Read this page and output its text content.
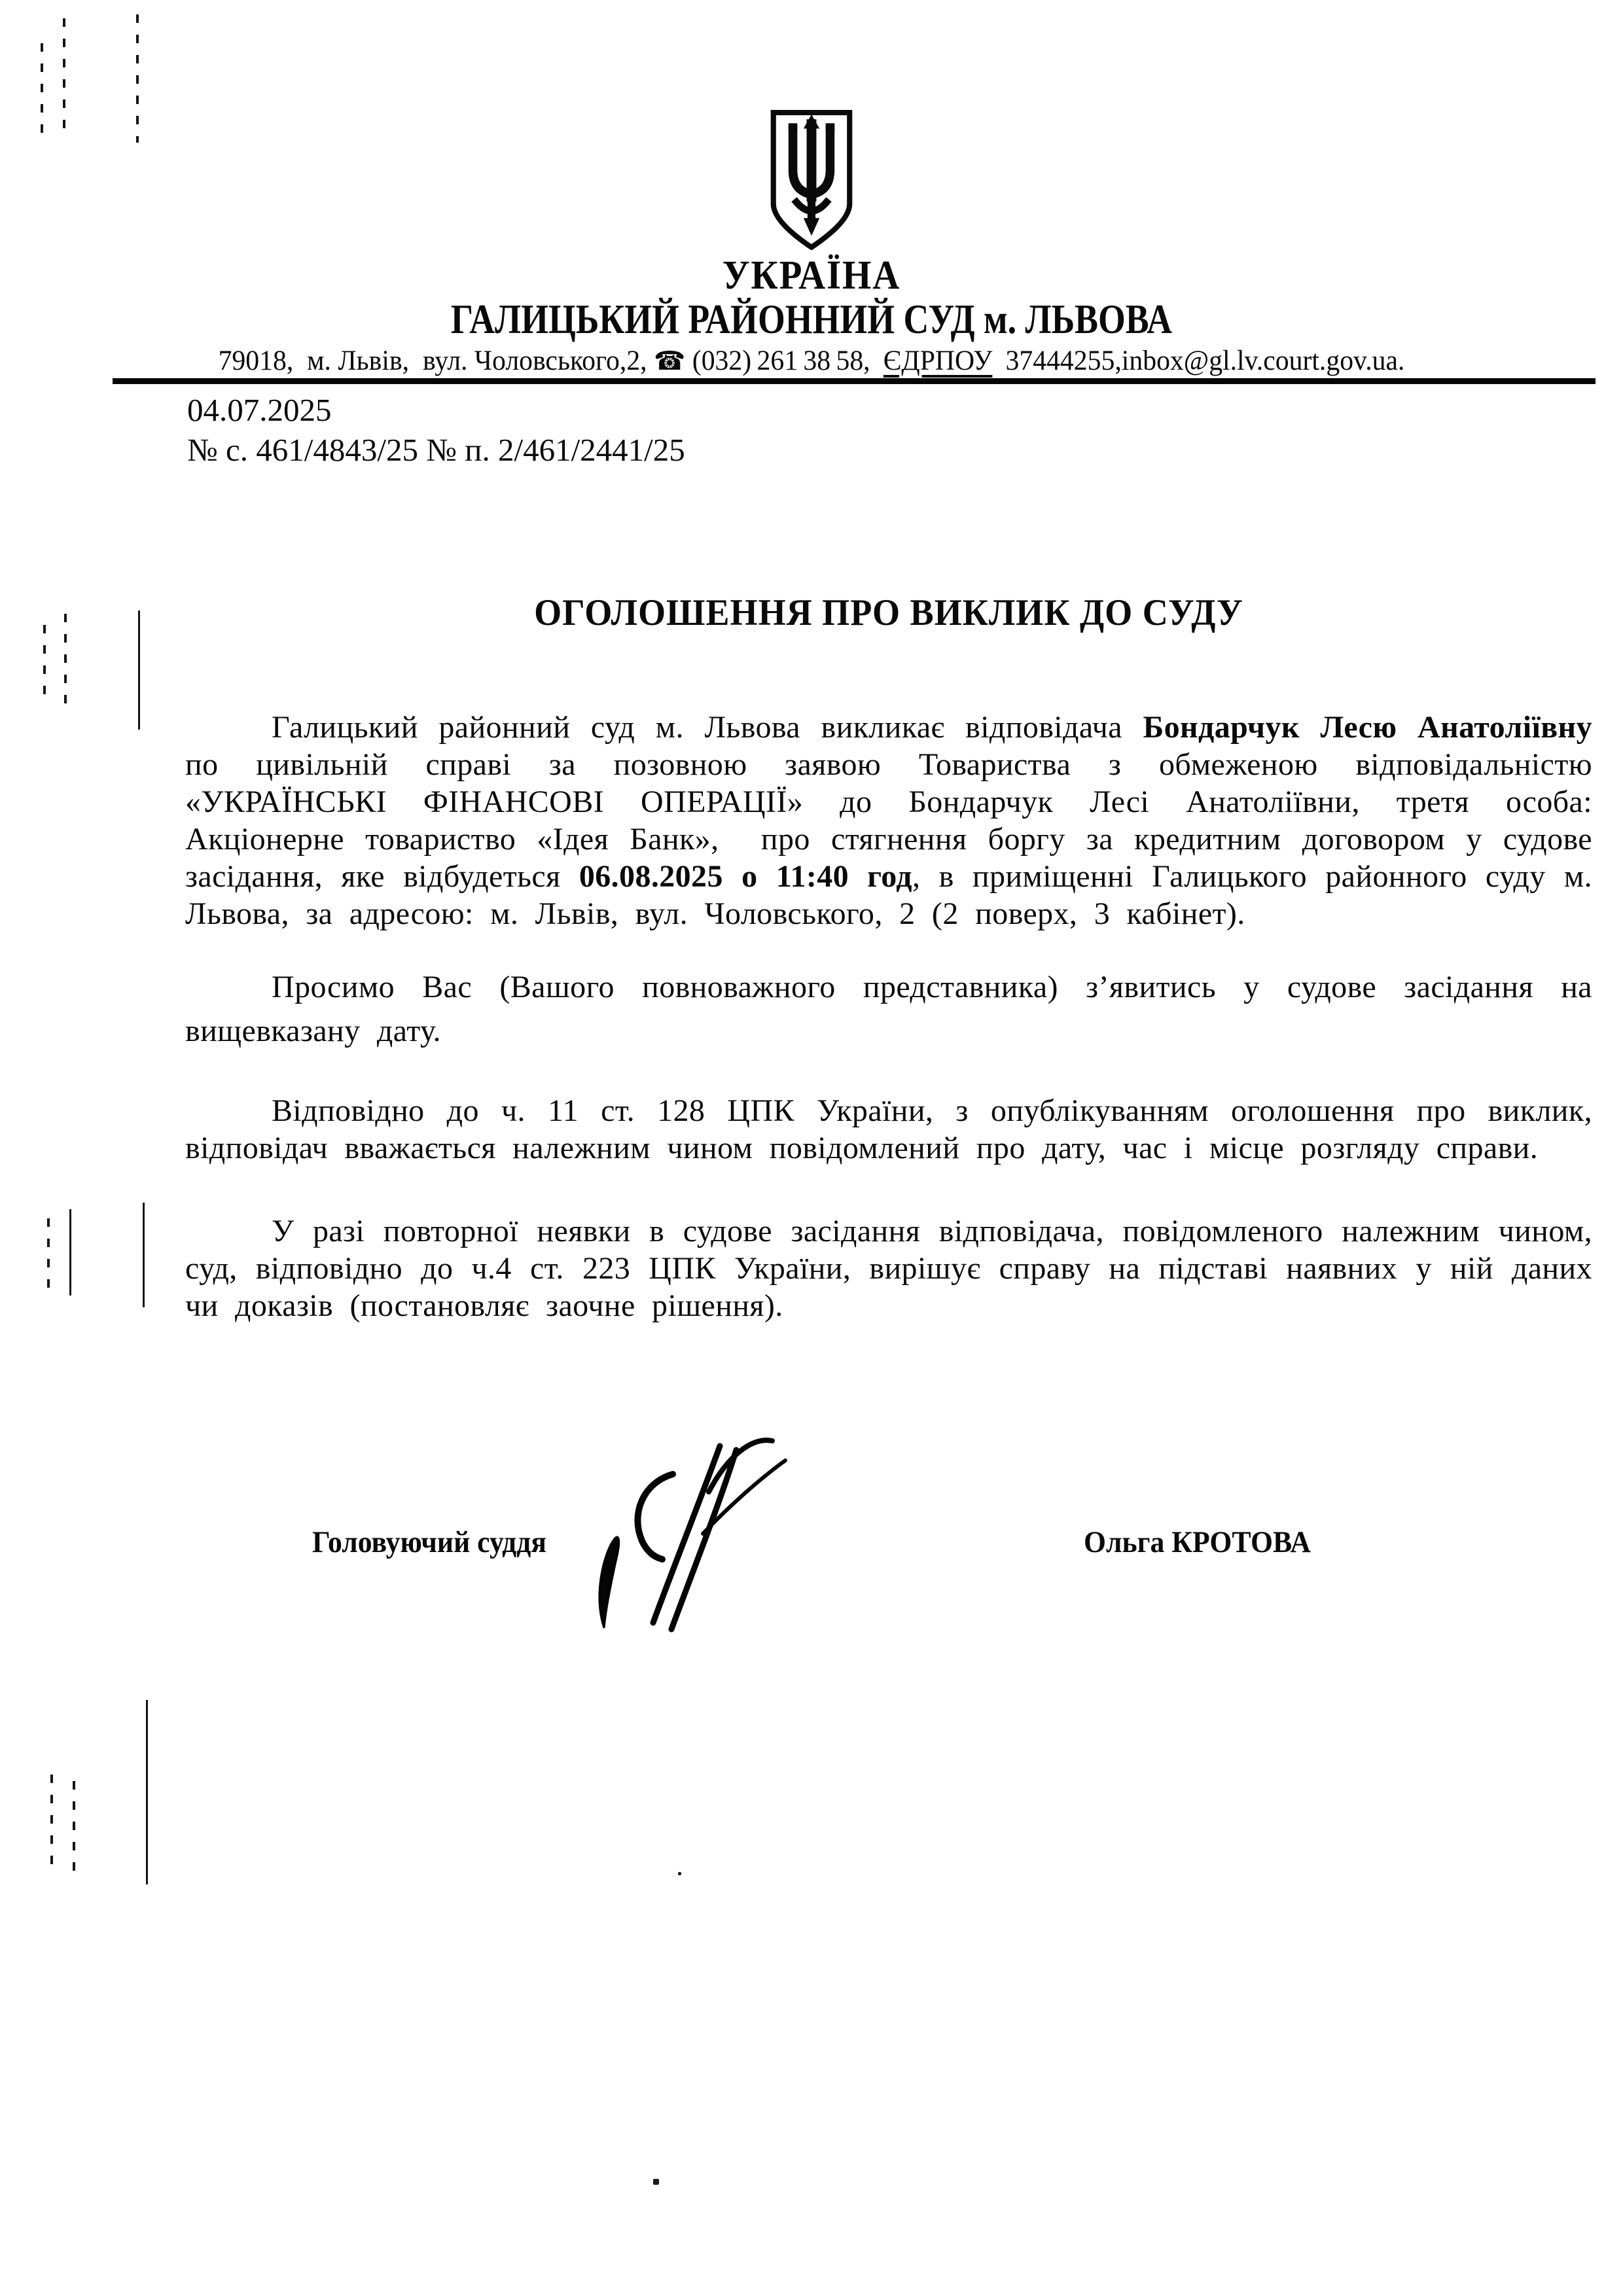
УКРАЇНА
ГАЛИЦЬКИЙ РАЙОННИЙ СУД м. ЛЬВОВА
79018,  м. Львів,  вул. Чоловського,2, ☎ (032) 261 38 58, ЄДРПОУ 37444255,inbox@gl.lv.court.gov.ua.
04.07.2025
№ с. 461/4843/25 № п. 2/461/2441/25
ОГОЛОШЕННЯ ПРО ВИКЛИК ДО СУДУ

Галицький районний суд м. Львова викликає відповідача Бондарчук Лесю Анатоліївну по цивільній справі за позовною заявою Товариства з обмеженою відповідальністю «УКРАЇНСЬКІ ФІНАНСОВІ ОПЕРАЦІЇ» до Бондарчук Лесі Анатоліївни, третя особа: Акціонерне товариство «Ідея Банк»,  про стягнення боргу за кредитним договором у судове засідання, яке відбудеться 06.08.2025 о 11:40 год, в приміщенні Галицького районного суду м. Львова, за адресою: м. Львів, вул. Чоловського, 2 (2 поверх, 3 кабінет).

Просимо Вас (Вашого повноважного представника) з’явитись у судове засідання на вищевказану дату.

Відповідно до ч. 11 ст. 128 ЦПК України, з опублікуванням оголошення про виклик, відповідач вважається належним чином повідомлений про дату, час і місце розгляду справи.

У разі повторної неявки в судове засідання відповідача, повідомленого належним чином, суд, відповідно до ч.4 ст. 223 ЦПК України, вирішує справу на підставі наявних у ній даних чи доказів (постановляє заочне рішення).

Головуючий суддя	Ольга КРОТОВА
